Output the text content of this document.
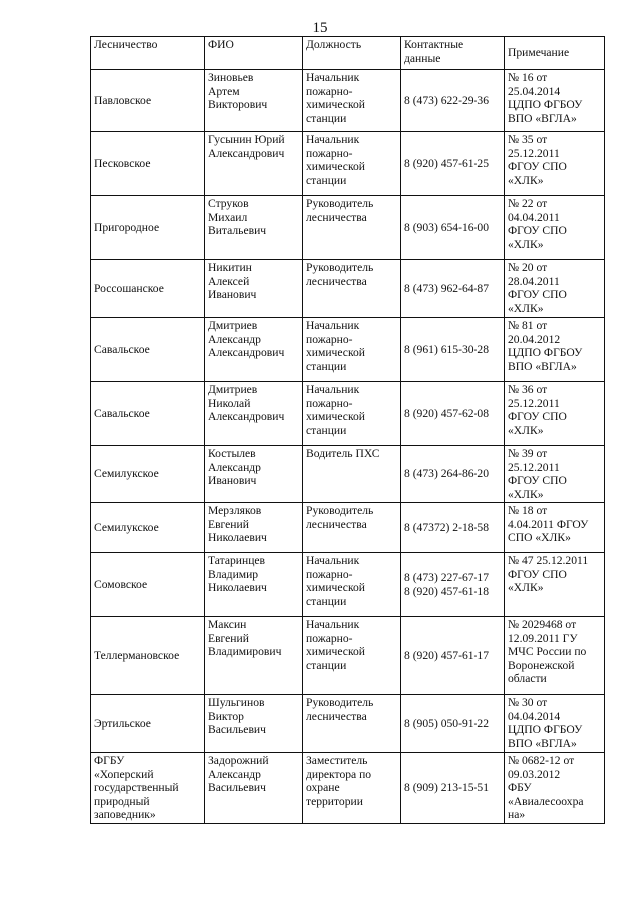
15
Лесничество	ФИО	Должность	Контактные данные	Примечание

Павловское	Зиновьев
Артем
Викторович	Начальник
пожарно-
химической
станции	8 (473) 622-29-36	№ 16 от
25.04.2014
ЦДПО ФГБОУ
ВПО «ВГЛА»

Песковское	Гусынин Юрий
Александрович	Начальник
пожарно-
химической
станции	8 (920) 457-61-25	№ 35 от
25.12.2011
ФГОУ СПО
«ХЛК»

Пригородное	Струков
Михаил
Витальевич	Руководитель
лесничества	8 (903) 654-16-00	№ 22 от
04.04.2011
ФГОУ СПО
«ХЛК»

Россошанское	Никитин
Алексей
Иванович	Руководитель
лесничества	8 (473) 962-64-87	№ 20 от
28.04.2011
ФГОУ СПО
«ХЛК»

Савальское	Дмитриев
Александр
Александрович	Начальник
пожарно-
химической
станции	8 (961) 615-30-28	№ 81 от
20.04.2012
ЦДПО ФГБОУ
ВПО «ВГЛА»

Савальское	Дмитриев
Николай
Александрович	Начальник
пожарно-
химической
станции	8 (920) 457-62-08	№ 36 от
25.12.2011
ФГОУ СПО
«ХЛК»

Семилукское	Костылев
Александр
Иванович	Водитель ПХС	8 (473) 264-86-20	№ 39 от
25.12.2011
ФГОУ СПО
«ХЛК»

Семилукское	Мерзляков
Евгений
Николаевич	Руководитель
лесничества	8 (47372) 2-18-58	№ 18 от
4.04.2011 ФГОУ
СПО «ХЛК»

Сомовское	Татаринцев
Владимир
Николаевич	Начальник
пожарно-
химической
станции	8 (473) 227-67-17
8 (920) 457-61-18	№ 47 25.12.2011
ФГОУ СПО
«ХЛК»

Теллермановское	Максин
Евгений
Владимирович	Начальник
пожарно-
химической
станции	8 (920) 457-61-17	№ 2029468 от
12.09.2011 ГУ
МЧС России по
Воронежской
области

Эртильское	Шульгинов
Виктор
Васильевич	Руководитель
лесничества	8 (905) 050-91-22	№ 30 от
04.04.2014
ЦДПО ФГБОУ
ВПО «ВГЛА»

ФГБУ
«Хоперский
государственный
природный
заповедник»	Задорожний
Александр
Васильевич	Заместитель
директора по
охране
территории	8 (909) 213-15-51	№ 0682-12 от
09.03.2012
ФБУ
«Авиалесоохра
на»
